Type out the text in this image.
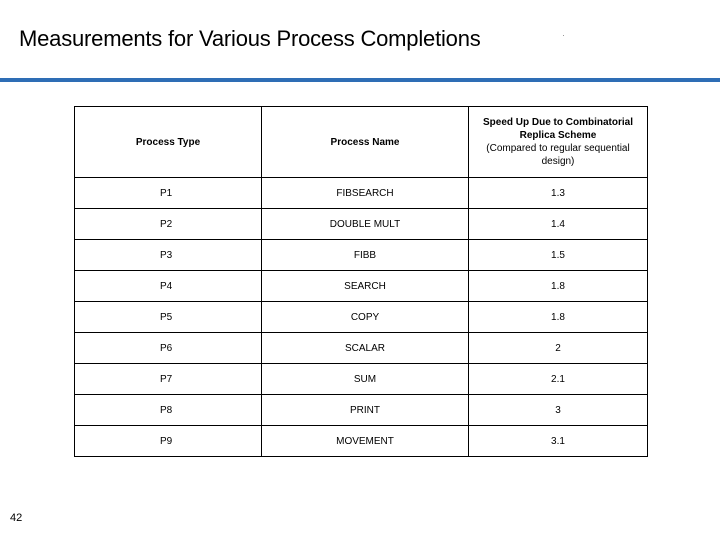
Measurements for Various Process Completions
Process Type	Process Name	Speed Up Due to Combinatorial Replica Scheme
(Compared to regular sequential design)
P1	FIBSEARCH	1.3
P2	DOUBLE MULT	1.4
P3	FIBB	1.5
P4	SEARCH	1.8
P5	COPY	1.8
P6	SCALAR	2
P7	SUM	2.1
P8	PRINT	3
P9	MOVEMENT	3.1
42
